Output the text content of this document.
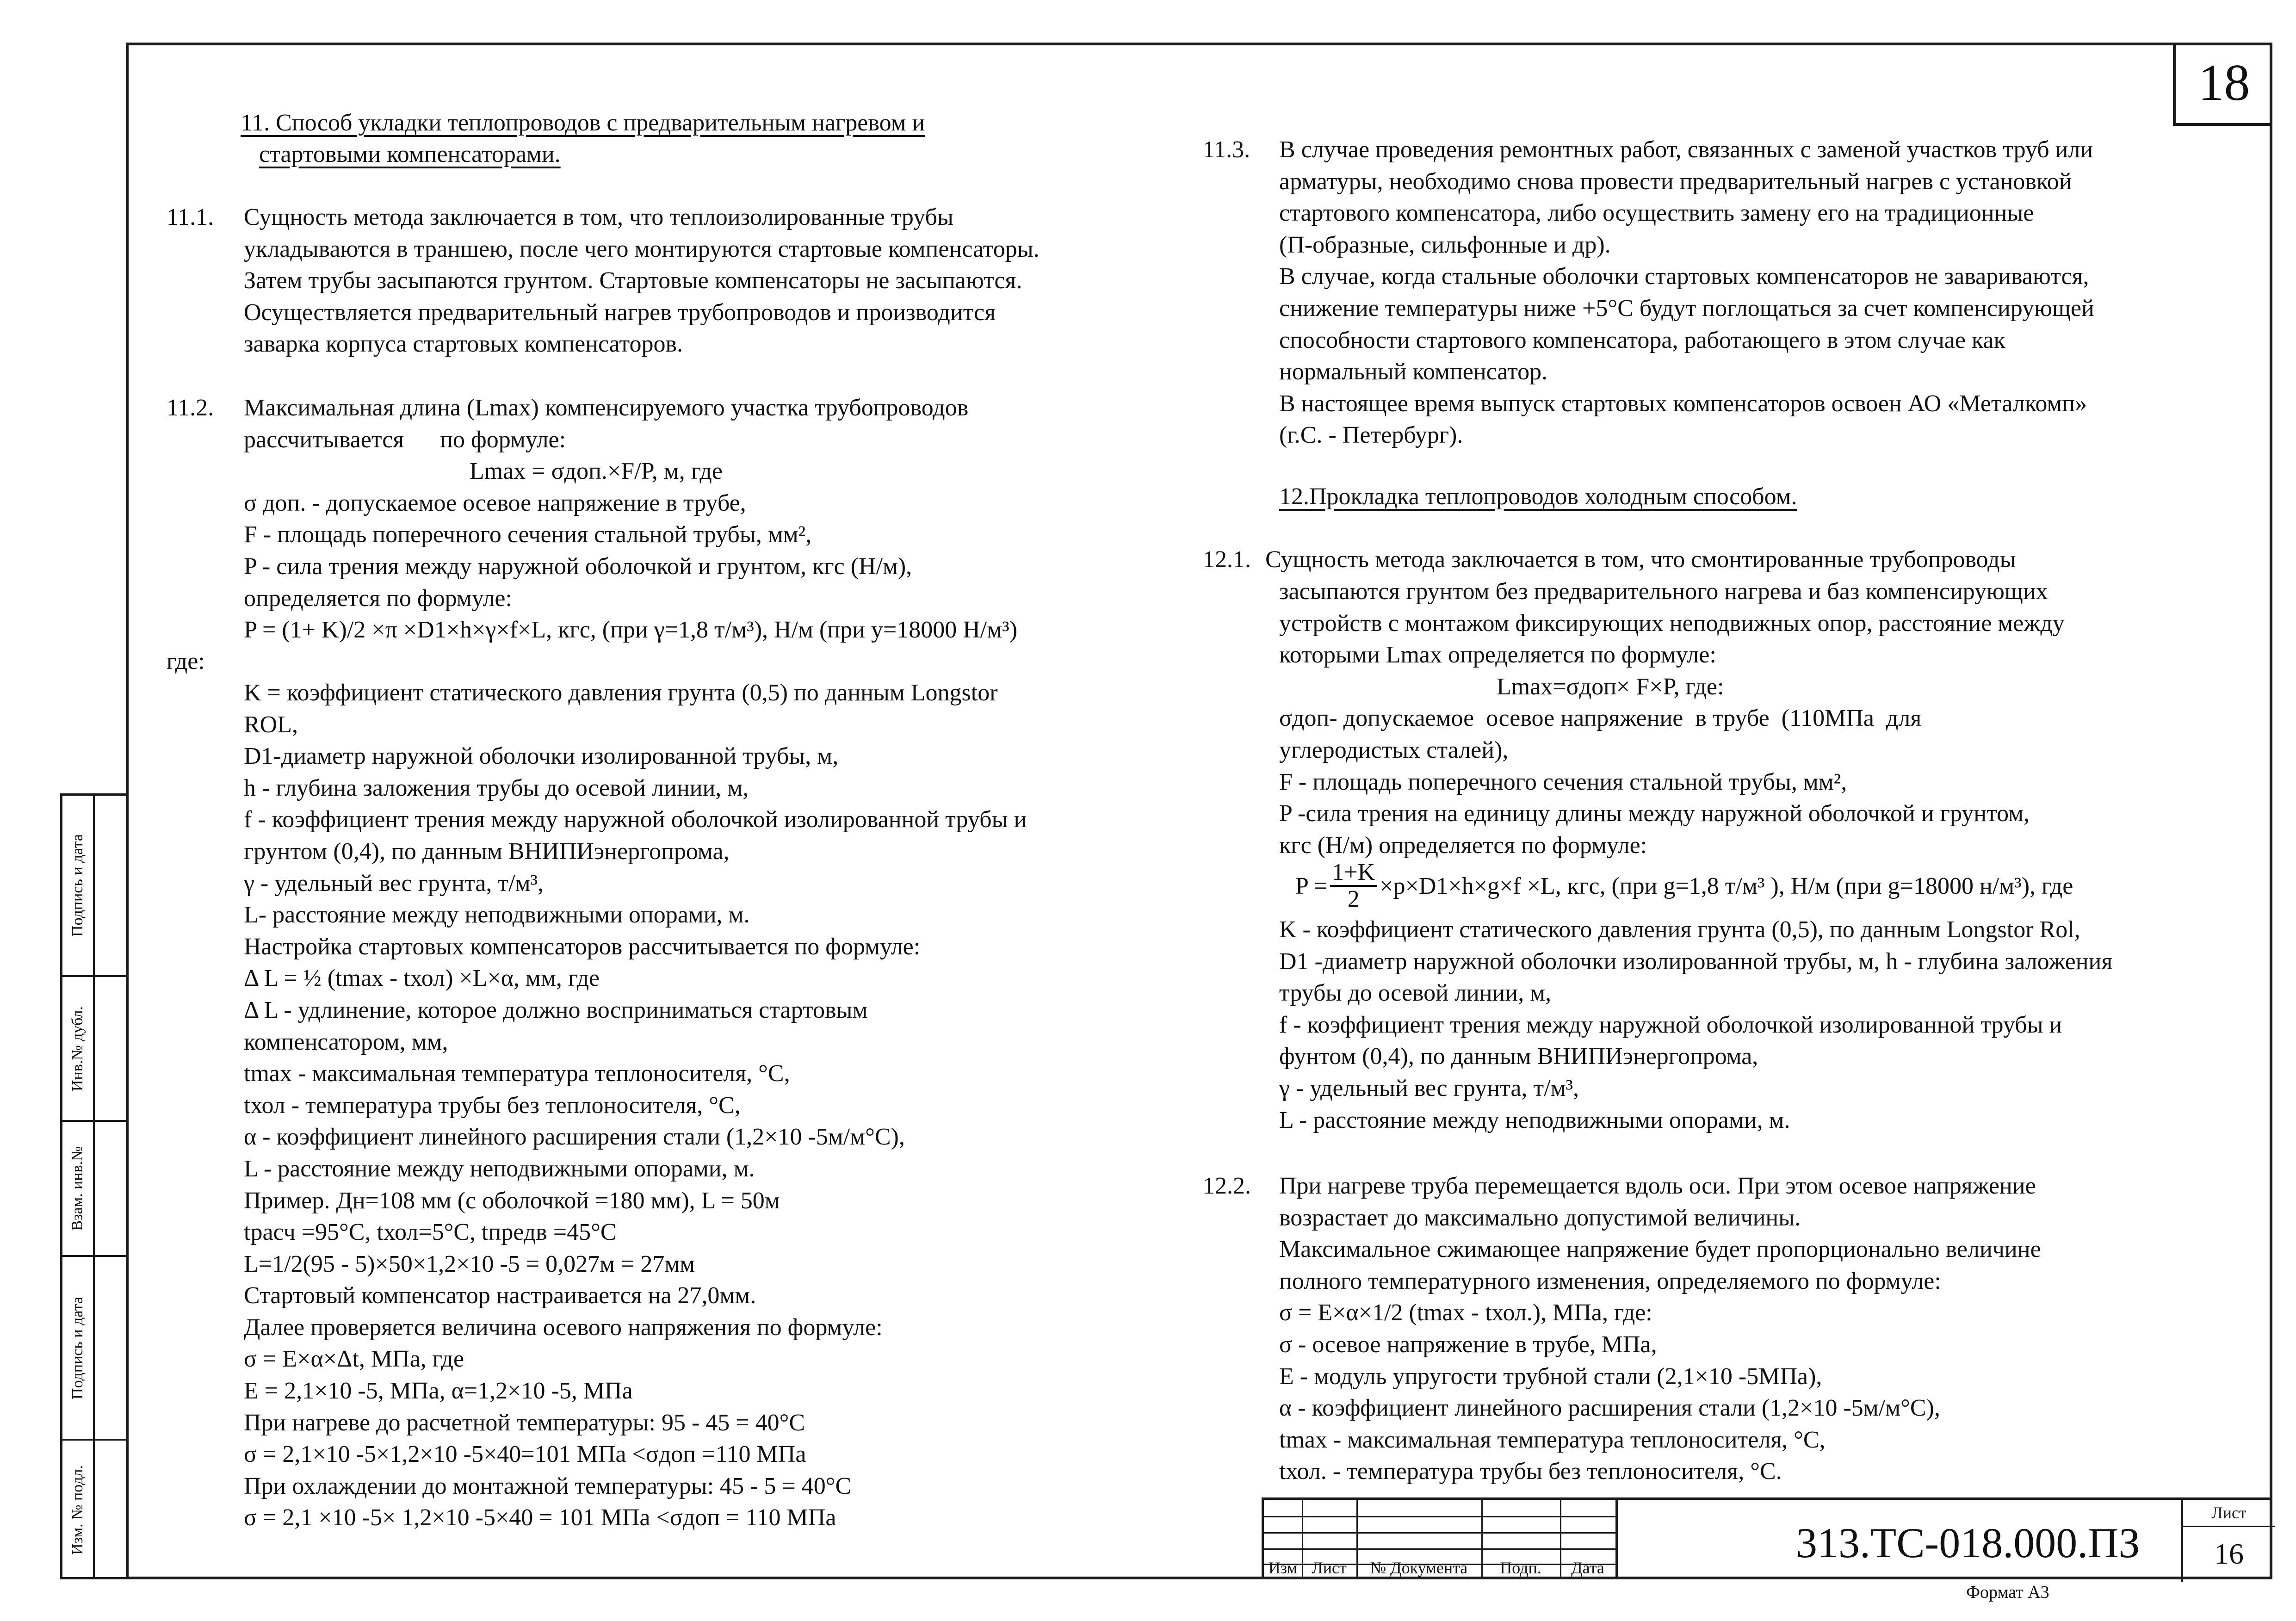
18
11. Способ укладки теплопроводов с предварительным нагревом и
стартовыми компенсаторами.
11.1. Сущность метода заключается в том, что теплоизолированные трубы
укладываются в траншею, после чего монтируются стартовые компенсаторы.
Затем трубы засыпаются грунтом. Стартовые компенсаторы не засыпаются.
Осуществляется предварительный нагрев трубопроводов и производится
заварка корпуса стартовых компенсаторов.
11.2. Максимальная длина (Lmax) компенсируемого участка трубопроводов
рассчитывается      по формуле:
Lmax = σдоп.×F/P, м, где
σ доп. - допускаемое осевое напряжение в трубе,
F - площадь поперечного сечения стальной трубы, мм²,
P - сила трения между наружной оболочкой и грунтом, кгс (Н/м),
определяется по формуле:
P = (1+ K)/2 ×π ×D1×h×γ×f×L, кгс, (при γ=1,8 т/м³), Н/м (при у=18000 Н/м³)
где:
K = коэффициент статического давления грунта (0,5) по данным Longstor
ROL,
D1-диаметр наружной оболочки изолированной трубы, м,
h - глубина заложения трубы до осевой линии, м,
f - коэффициент трения между наружной оболочкой изолированной трубы и
грунтом (0,4), по данным ВНИПИэнергопрома,
γ - удельный вес грунта, т/м³,
L- расстояние между неподвижными опорами, м.
Настройка стартовых компенсаторов рассчитывается по формуле:
Δ L = ½ (tmax - tхол) ×L×α, мм, где
Δ L - удлинение, которое должно восприниматься стартовым
компенсатором, мм,
tmax - максимальная температура теплоносителя, °С,
tхол - температура трубы без теплоносителя, °С,
α - коэффициент линейного расширения стали (1,2×10 -5м/м°С),
L - расстояние между неподвижными опорами, м.
Пример. Дн=108 мм (с оболочкой =180 мм), L = 50м
tрасч =95°С, tхол=5°С, tпредв =45°С
L=1/2(95 - 5)×50×1,2×10 -5 = 0,027м = 27мм
Стартовый компенсатор настраивается на 27,0мм.
Далее проверяется величина осевого напряжения по формуле:
σ = E×α×Δt, МПа, где
E = 2,1×10 -5, МПа, α=1,2×10 -5, МПа
При нагреве до расчетной температуры: 95 - 45 = 40°С
σ = 2,1×10 -5×1,2×10 -5×40=101 МПа <σдоп =110 МПа
При охлаждении до монтажной температуры: 45 - 5 = 40°С
σ = 2,1 ×10 -5× 1,2×10 -5×40 = 101 МПа <σдоп = 110 МПа
11.3. В случае проведения ремонтных работ, связанных с заменой участков труб или
арматуры, необходимо снова провести предварительный нагрев с установкой
стартового компенсатора, либо осуществить замену его на традиционные
(П-образные, сильфонные и др).
В случае, когда стальные оболочки стартовых компенсаторов не завариваются,
снижение температуры ниже +5°С будут поглощаться за счет компенсирующей
способности стартового компенсатора, работающего в этом случае как
нормальный компенсатор.
В настоящее время выпуск стартовых компенсаторов освоен АО «Металкомп»
(г.С. - Петербург).
12.Прокладка теплопроводов холодным способом.
12.1. Сущность метода заключается в том, что смонтированные трубопроводы
засыпаются грунтом без предварительного нагрева и баз компенсирующих
устройств с монтажом фиксирующих неподвижных опор, расстояние между
которыми Lmax определяется по формуле:
Lmax=σдоп× F×P, где:
σдоп- допускаемое  осевое напряжение  в трубе  (110МПа  для
углеродистых сталей),
F - площадь поперечного сечения стальной трубы, мм²,
P -сила трения на единицу длины между наружной оболочкой и грунтом,
кгс (Н/м) определяется по формуле:
$P = \frac{1+K}{2} \times p\times D1\times h\times g\times f \times L$, кгс, (при g=1,8 т/м³ ), Н/м (при g=18000 н/м³), где
K - коэффициент статического давления грунта (0,5), по данным Longstor Rol,
D1 -диаметр наружной оболочки изолированной трубы, м, h - глубина заложения
трубы до осевой линии, м,
f - коэффициент трения между наружной оболочкой изолированной трубы и
фунтом (0,4), по данным ВНИПИэнергопрома,
γ - удельный вес грунта, т/м³,
L - расстояние между неподвижными опорами, м.
12.2. При нагреве труба перемещается вдоль оси. При этом осевое напряжение
возрастает до максимально допустимой величины.
Максимальное сжимающее напряжение будет пропорционально величине
полного температурного изменения, определяемого по формуле:
σ = E×α×1/2 (tmax - tхол.), МПа, где:
σ - осевое напряжение в трубе, МПа,
E - модуль упругости трубной стали (2,1×10 -5МПа),
α - коэффициент линейного расширения стали (1,2×10 -5м/м°С),
tmax - максимальная температура теплоносителя, °С,
tхол. - температура трубы без теплоносителя, °С.
Подпись и дата
Инв.№ дубл.
Взам. инв.№
Подпись и дата
Изм. № подл.
Изм Лист	№ Документа	Подп.	Дата
313.ТС-018.000.ПЗ
Лист
16
Формат А3
